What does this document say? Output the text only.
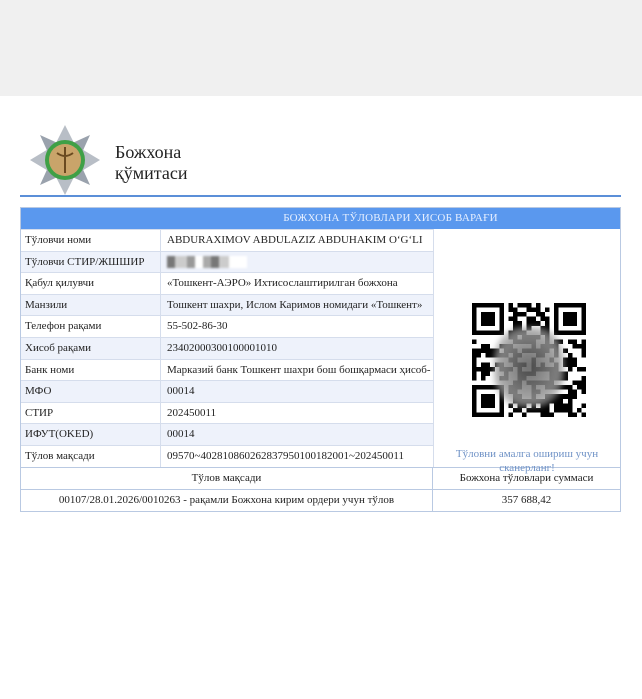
Божхона
қўмитаси
БОЖХОНА ТЎЛОВЛАРИ ХИСОБ ВАРАҒИ
Тўловчи номи	ABDURAXIMOV ABDULAZIZ ABDUHAKIM O‘G‘LI
Тўловчи СТИР/ЖШШИР
Қабул қилувчи	«Тошкент-АЭРО» Ихтисослаштирилган божхона
Манзили	Тошкент шахри, Ислом Каримов номидаги «Тошкент»
Телефон рақами	55-502-86-30
Хисоб рақами	23402000300100001010
Банк номи	Марказий банк Тошкент шахри бош бошқармаси ҳисоб-
МФО	00014
СТИР	202450011
ИФУТ(OKED)	00014
Тўлов мақсади	09570~402810860262837950100182001~202450011	Тўловни амалга ошириш учун сканерланг!
Тўлов мақсади	Божхона тўловлари суммаси
00107/28.01.2026/0010263 - рақамли Божхона кирим ордери учун тўлов	357 688,42
